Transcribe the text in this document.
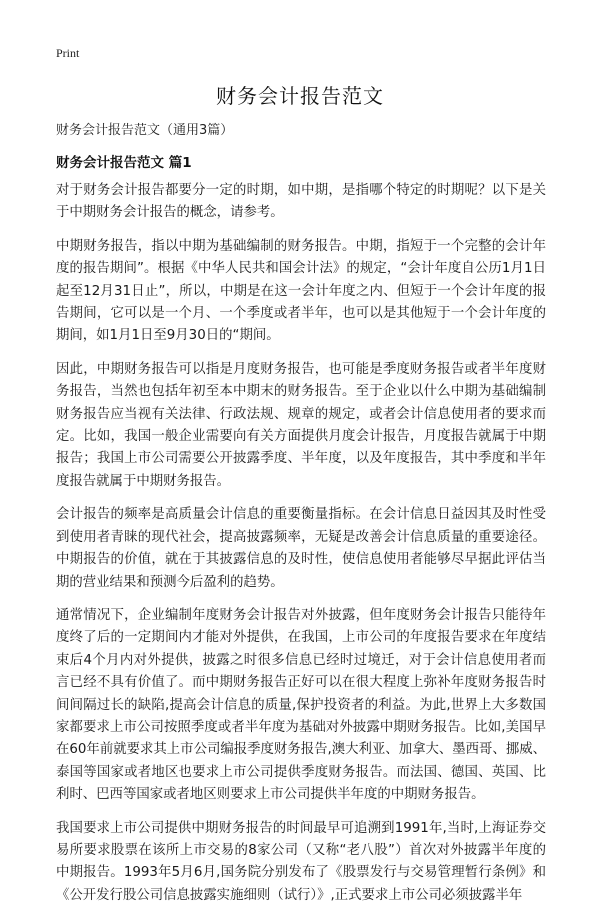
Print
财务会计报告范文
财务会计报告范文（通用3篇）
财务会计报告范文 篇1

对于财务会计报告都要分一定的时期，如中期，是指哪个特定的时期呢？以下是关于中期财务会计报告的概念，请参考。

中期财务报告，指以中期为基础编制的财务报告。中期，指短于一个完整的会计年度的报告期间”。根据《中华人民共和国会计法》的规定，“会计年度自公历1月1日起至12月31日止”，所以，中期是在这一会计年度之内、但短于一个会计年度的报告期间，它可以是一个月、一个季度或者半年，也可以是其他短于一个会计年度的期间，如1月1日至9月30日的“期间。

因此，中期财务报告可以指是月度财务报告，也可能是季度财务报告或者半年度财务报告，当然也包括年初至本中期末的财务报告。至于企业以什么中期为基础编制财务报告应当视有关法律、行政法规、规章的规定，或者会计信息使用者的要求而定。比如，我国一般企业需要向有关方面提供月度会计报告，月度报告就属于中期报告；我国上市公司需要公开披露季度、半年度，以及年度报告，其中季度和半年度报告就属于中期财务报告。

会计报告的频率是高质量会计信息的重要衡量指标。在会计信息日益因其及时性受到使用者青睐的现代社会，提高披露频率，无疑是改善会计信息质量的重要途径。中期报告的价值，就在于其披露信息的及时性，使信息使用者能够尽早据此评估当期的营业结果和预测今后盈利的趋势。

通常情况下，企业编制年度财务会计报告对外披露，但年度财务会计报告只能待年度终了后的一定期间内才能对外提供，在我国，上市公司的年度报告要求在年度结束后4个月内对外提供，披露之时很多信息已经时过境迁，对于会计信息使用者而言已经不具有价值了。而中期财务报告正好可以在很大程度上弥补年度财务报告时间间隔过长的缺陷,提高会计信息的质量,保护投资者的利益。为此,世界上大多数国家都要求上市公司按照季度或者半年度为基础对外披露中期财务报告。比如,美国早在60年前就要求其上市公司编报季度财务报告,澳大利亚、加拿大、墨西哥、挪威、泰国等国家或者地区也要求上市公司提供季度财务报告。而法国、德国、英国、比利时、巴西等国家或者地区则要求上市公司提供半年度的中期财务报告。

我国要求上市公司提供中期财务报告的时间最早可追溯到1991年,当时,上海证券交易所要求股票在该所上市交易的8家公司（又称“老八股”）首次对外披露半年度的中期报告。1993年5月6月,国务院分别发布了《股票发行与交易管理暂行条例》和《公开发行股公司信息披露实施细则（试行）》,正式要求上市公司必须披露半年
